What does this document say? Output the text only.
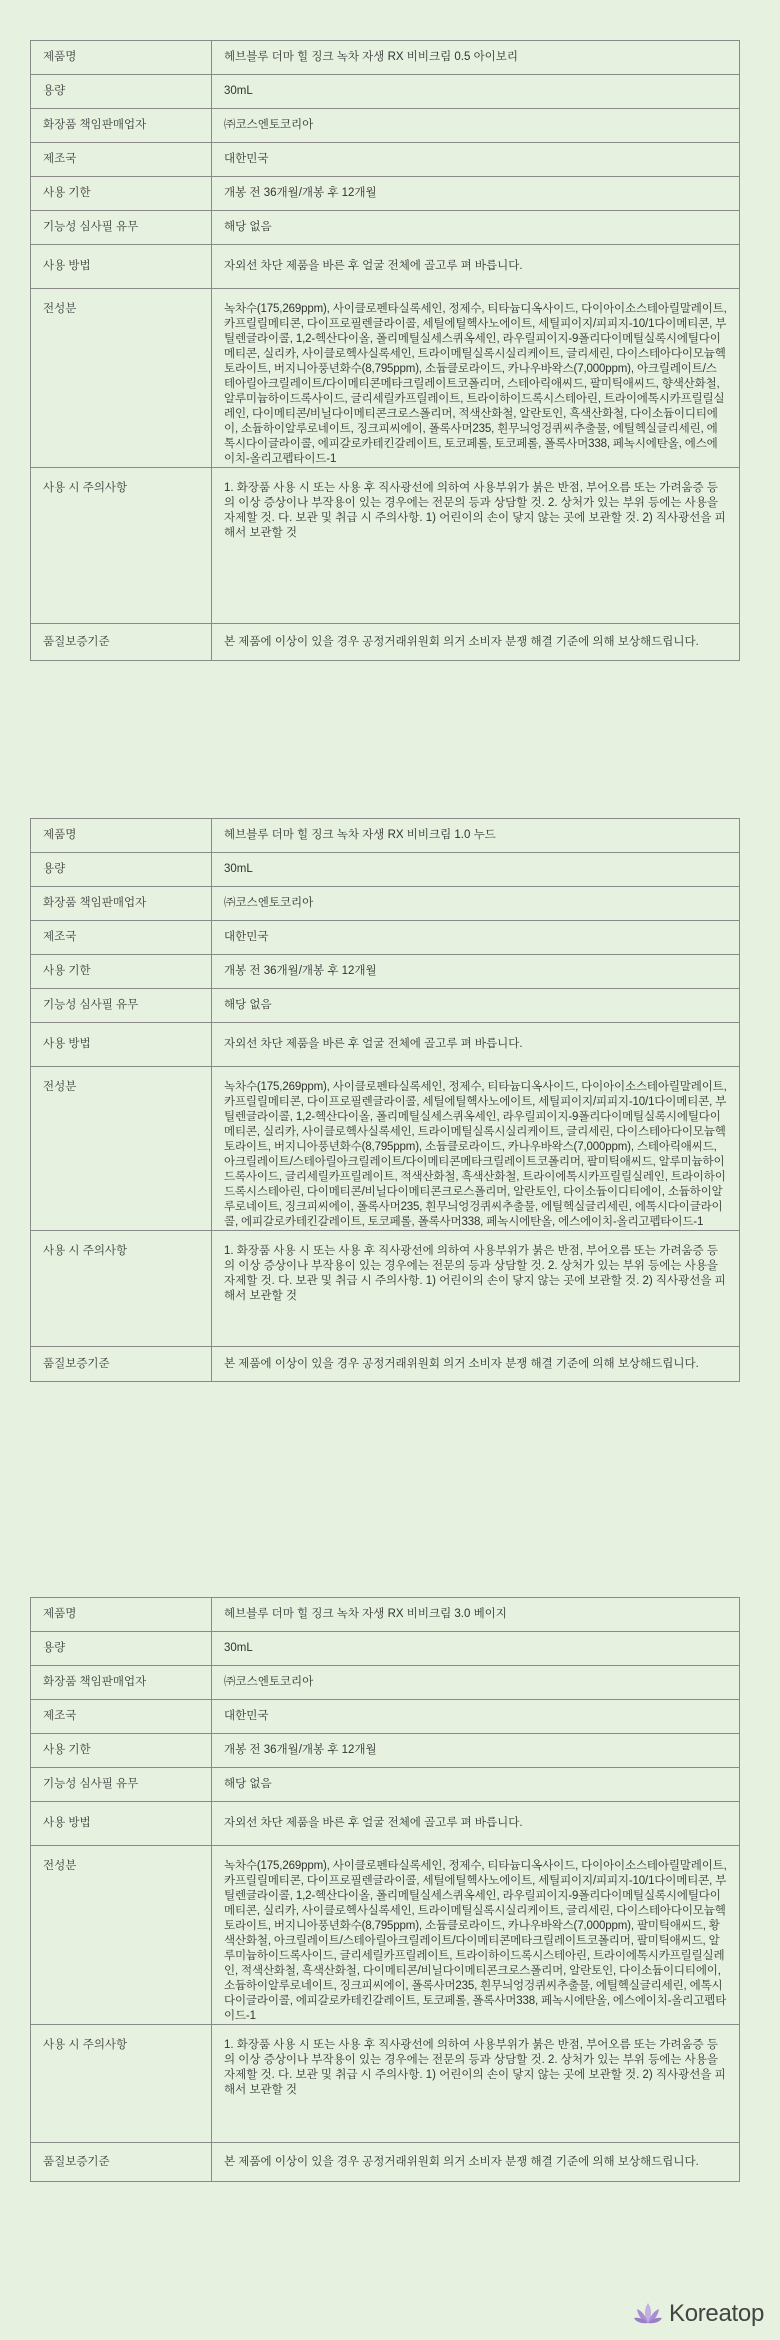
제품명	헤브블루 더마 힐 징크 녹차 자생 RX 비비크림 0.5 아이보리
용량	30mL
화장품 책임판매업자	㈜코스엔토코리아
제조국	대한민국
사용 기한	개봉 전 36개월/개봉 후 12개월
기능성 심사필 유무	해당 없음
사용 방법	자외선 차단 제품을 바른 후 얼굴 전체에 골고루 펴 바릅니다.
전성분	녹차수(175,269ppm), 사이클로펜타실록세인, 정제수, 티타늄디옥사이드, 다이아이소스테아릴말레이트, 카프릴릴메티콘, 다이프로필렌글라이콜, 세틸에틸헥사노에이트, 세틸피이지/피피지-10/1다이메티콘, 부틸렌글라이콜, 1,2-헥산다이올, 폴리메틸실세스퀴옥세인, 라우릴피이지-9폴리다이메틸실록시에틸다이메티콘, 실리카, 사이클로헥사실록세인, 트라이메틸실록시실리케이트, 글리세린, 다이스테아다이모늄헥토라이트, 버지니아풍년화수(8,795ppm), 소듐클로라이드, 카나우바왁스(7,000ppm), 아크릴레이트/스테아릴아크릴레이트/다이메티콘메타크릴레이트코폴리머, 스테아릭애씨드, 팔미틱애씨드, 향색산화철, 알루미늄하이드록사이드, 글리세릴카프릴레이트, 트라이하이드록시스테아린, 트라이에톡시카프릴릴실레인, 다이메티콘/비닐다이메티콘크로스폴리머, 적색산화철, 알란토인, 흑색산화철, 다이소듐이디티에이, 소듐하이알루로네이트, 징크피씨에이, 폴록사머235, 흰무늬엉겅퀴씨추출물, 에틸헥실글리세린, 에톡시다이글라이콜, 에피갈로카테킨갈레이트, 토코페롤, 토코페롤, 폴록사머338, 페녹시에탄올, 에스에이치-올리고펩타이드-1
사용 시 주의사항	1. 화장품 사용 시 또는 사용 후 직사광선에 의하여 사용부위가 붉은 반점, 부어오름 또는 가려움증 등의 이상 증상이나 부작용이 있는 경우에는 전문의 등과 상담할 것. 2. 상처가 있는 부위 등에는 사용을 자제할 것. 다. 보관 및 취급 시 주의사항. 1) 어린이의 손이 닿지 않는 곳에 보관할 것. 2) 직사광선을 피해서 보관할 것
품질보증기준	본 제품에 이상이 있을 경우 공정거래위원회 의거 소비자 분쟁 해결 기준에 의해 보상해드립니다.
제품명	헤브블루 더마 힐 징크 녹차 자생 RX 비비크림 1.0 누드
용량	30mL
화장품 책임판매업자	㈜코스엔토코리아
제조국	대한민국
사용 기한	개봉 전 36개월/개봉 후 12개월
기능성 심사필 유무	해당 없음
사용 방법	자외선 차단 제품을 바른 후 얼굴 전체에 골고루 펴 바릅니다.
전성분	녹차수(175,269ppm), 사이클로펜타실록세인, 정제수, 티타늄디옥사이드, 다이아이소스테아릴말레이트, 카프릴릴메티콘, 다이프로필렌글라이콜, 세틸에틸헥사노에이트, 세틸피이지/피피지-10/1다이메티콘, 부틸렌글라이콜, 1,2-헥산다이올, 폴리메틸실세스퀴옥세인, 라우릴피이지-9폴리다이메틸실록시에틸다이메티콘, 실리카, 사이클로헥사실록세인, 트라이메틸실록시실리케이트, 글리세린, 다이스테아다이모늄헥토라이트, 버지니아풍년화수(8,795ppm), 소듐클로라이드, 카나우바왁스(7,000ppm), 스테아릭애씨드, 아크릴레이트/스테아릴아크릴레이트/다이메티콘메타크릴레이트코폴리머, 팔미틱애씨드, 알루미늄하이드록사이드, 글리세릴카프릴레이트, 적색산화철, 흑색산화철, 트라이에톡시카프릴릴실레인, 트라이하이드록시스테아린, 다이메티콘/비닐다이메티콘크로스폴리머, 알란토인, 다이소듐이디티에이, 소듐하이알루로네이트, 징크피씨에이, 폴록사머235, 흰무늬엉겅퀴씨추출물, 에틸헥실글리세린, 에톡시다이글라이콜, 에피갈로카테킨갈레이트, 토코페롤, 폴록사머338, 페녹시에탄올, 에스에이치-올리고펩타이드-1
사용 시 주의사항	1. 화장품 사용 시 또는 사용 후 직사광선에 의하여 사용부위가 붉은 반점, 부어오름 또는 가려움증 등의 이상 증상이나 부작용이 있는 경우에는 전문의 등과 상담할 것. 2. 상처가 있는 부위 등에는 사용을 자제할 것. 다. 보관 및 취급 시 주의사항. 1) 어린이의 손이 닿지 않는 곳에 보관할 것. 2) 직사광선을 피해서 보관할 것
품질보증기준	본 제품에 이상이 있을 경우 공정거래위원회 의거 소비자 분쟁 해결 기준에 의해 보상해드립니다.
제품명	헤브블루 더마 힐 징크 녹차 자생 RX 비비크림 3.0 베이지
용량	30mL
화장품 책임판매업자	㈜코스엔토코리아
제조국	대한민국
사용 기한	개봉 전 36개월/개봉 후 12개월
기능성 심사필 유무	해당 없음
사용 방법	자외선 차단 제품을 바른 후 얼굴 전체에 골고루 펴 바릅니다.
전성분	녹차수(175,269ppm), 사이클로펜타실록세인, 정제수, 티타늄디옥사이드, 다이아이소스테아릴말레이트, 카프릴릴메티콘, 다이프로필렌글라이콜, 세틸에틸헥사노에이트, 세틸피이지/피피지-10/1다이메티콘, 부틸렌글라이콜, 1,2-헥산다이올, 폴리메틸실세스퀴옥세인, 라우릴피이지-9폴리다이메틸실록시에틸다이메티콘, 실리카, 사이클로헥사실록세인, 트라이메틸실록시실리케이트, 글리세린, 다이스테아다이모늄헥토라이트, 버지니아풍년화수(8,795ppm), 소듐클로라이드, 카나우바왁스(7,000ppm), 팔미틱애씨드, 황색산화철, 아크릴레이트/스테아릴아크릴레이트/다이메티콘메타크릴레이트코폴리머, 팔미틱애씨드, 알루미늄하이드록사이드, 글리세릴카프릴레이트, 트라이하이드록시스테아린, 트라이에톡시카프릴릴실레인, 적색산화철, 흑색산화철, 다이메티콘/비닐다이메티콘크로스폴리머, 알란토인, 다이소듐이디티에이, 소듐하이알루로네이트, 징크피씨에이, 폴록사머235, 흰무늬엉겅퀴씨추출물, 에틸헥실글리세린, 에톡시다이글라이콜, 에피갈로카테킨갈레이트, 토코페롤, 폴록사머338, 페녹시에탄올, 에스에이치-올리고펩타이드-1
사용 시 주의사항	1. 화장품 사용 시 또는 사용 후 직사광선에 의하여 사용부위가 붉은 반점, 부어오름 또는 가려움증 등의 이상 증상이나 부작용이 있는 경우에는 전문의 등과 상담할 것. 2. 상처가 있는 부위 등에는 사용을 자제할 것. 다. 보관 및 취급 시 주의사항. 1) 어린이의 손이 닿지 않는 곳에 보관할 것. 2) 직사광선을 피해서 보관할 것
품질보증기준	본 제품에 이상이 있을 경우 공정거래위원회 의거 소비자 분쟁 해결 기준에 의해 보상해드립니다.
Koreatop
